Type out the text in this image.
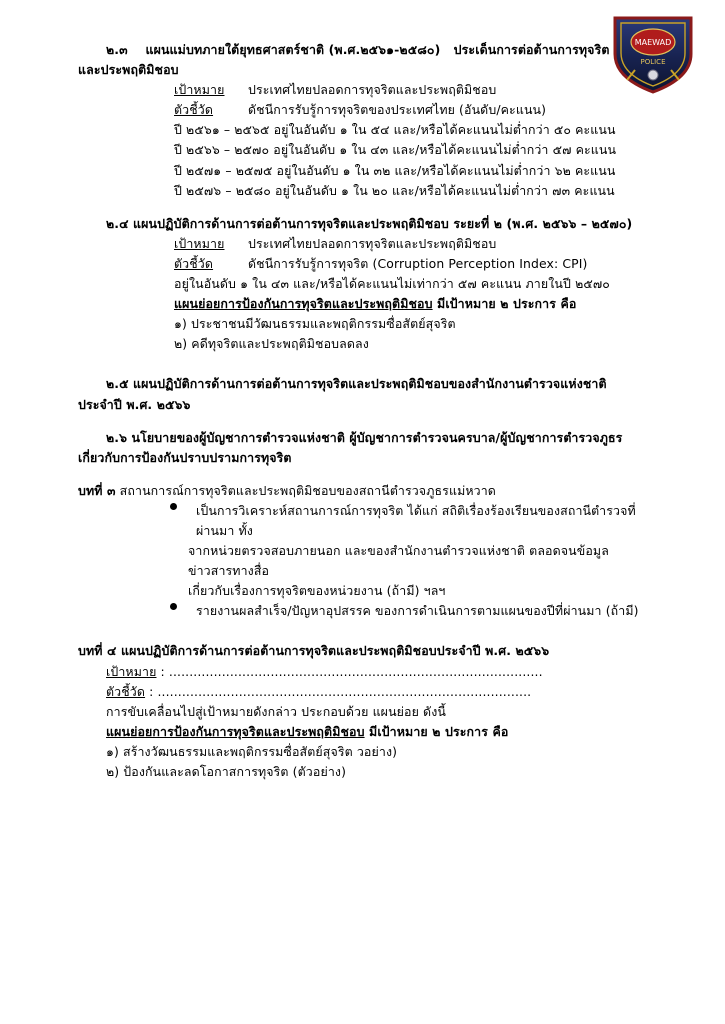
MAEWAD
POLICE
๒.๓    แผนแม่บทภายใต้ยุทธศาสตร์ชาติ (พ.ศ.๒๕๖๑-๒๕๘๐)   ประเด็นการต่อต้านการทุจริต
และประพฤติมิชอบ
เป้าหมาย	ประเทศไทยปลอดการทุจริตและประพฤติมิชอบ
ตัวชี้วัด	ดัชนีการรับรู้การทุจริตของประเทศไทย (อันดับ/คะแนน)
ปี ๒๕๖๑ – ๒๕๖๕ อยู่ในอันดับ ๑ ใน ๕๔ และ/หรือได้คะแนนไม่ต่ำกว่า ๕๐ คะแนน
ปี ๒๕๖๖ – ๒๕๗๐ อยู่ในอันดับ ๑ ใน ๔๓ และ/หรือได้คะแนนไม่ต่ำกว่า ๕๗ คะแนน
ปี ๒๕๗๑ – ๒๕๗๕ อยู่ในอันดับ ๑ ใน ๓๒ และ/หรือได้คะแนนไม่ต่ำกว่า ๖๒ คะแนน
ปี ๒๕๗๖ – ๒๕๘๐ อยู่ในอันดับ ๑ ใน ๒๐ และ/หรือได้คะแนนไม่ต่ำกว่า ๗๓ คะแนน
๒.๔ แผนปฏิบัติการด้านการต่อต้านการทุจริตและประพฤติมิชอบ ระยะที่ ๒ (พ.ศ. ๒๕๖๖ – ๒๕๗๐)
เป้าหมาย	ประเทศไทยปลอดการทุจริตและประพฤติมิชอบ
ตัวชี้วัด	ดัชนีการรับรู้การทุจริต (Corruption Perception Index: CPI)
อยู่ในอันดับ ๑ ใน ๔๓ และ/หรือได้คะแนนไม่เท่ากว่า ๕๗ คะแนน ภายในปี ๒๕๗๐
แผนย่อยการป้องกันการทุจริตและประพฤติมิชอบ มีเป้าหมาย ๒ ประการ คือ
๑) ประชาชนมีวัฒนธรรมและพฤติกรรมซื่อสัตย์สุจริต
๒) คดีทุจริตและประพฤติมิชอบลดลง
๒.๕ แผนปฏิบัติการด้านการต่อต้านการทุจริตและประพฤติมิชอบของสำนักงานตำรวจแห่งชาติ
ประจำปี พ.ศ. ๒๕๖๖
๒.๖ นโยบายของผู้บัญชาการตำรวจแห่งชาติ ผู้บัญชาการตำรวจนครบาล/ผู้บัญชาการตำรวจภูธร
เกี่ยวกับการป้องกันปราบปรามการทุจริต
บทที่ ๓ สถานการณ์การทุจริตและประพฤติมิชอบของสถานีตำรวจภูธรแม่หวาด
เป็นการวิเคราะห์สถานการณ์การทุจริต ได้แก่ สถิติเรื่องร้องเรียนของสถานีตำรวจที่ผ่านมา ทั้ง
จากหน่วยตรวจสอบภายนอก และของสำนักงานตำรวจแห่งชาติ ตลอดจนข้อมูลข่าวสารทางสื่อ
เกี่ยวกับเรื่องการทุจริตของหน่วยงาน (ถ้ามี) ฯลฯ
รายงานผลสำเร็จ/ปัญหาอุปสรรค ของการดำเนินการตามแผนของปีที่ผ่านมา (ถ้ามี)
บทที่ ๔ แผนปฏิบัติการด้านการต่อต้านการทุจริตและประพฤติมิชอบประจำปี พ.ศ. ๒๕๖๖
เป้าหมาย : ............................................................................................
ตัวชี้วัด : ............................................................................................
การขับเคลื่อนไปสู่เป้าหมายดังกล่าว ประกอบด้วย แผนย่อย ดังนี้
แผนย่อยการป้องกันการทุจริตและประพฤติมิชอบ มีเป้าหมาย ๒ ประการ คือ
๑) สร้างวัฒนธรรมและพฤติกรรมซื่อสัตย์สุจริต วอย่าง)
๒) ป้องกันและลดโอกาสการทุจริต (ตัวอย่าง)
